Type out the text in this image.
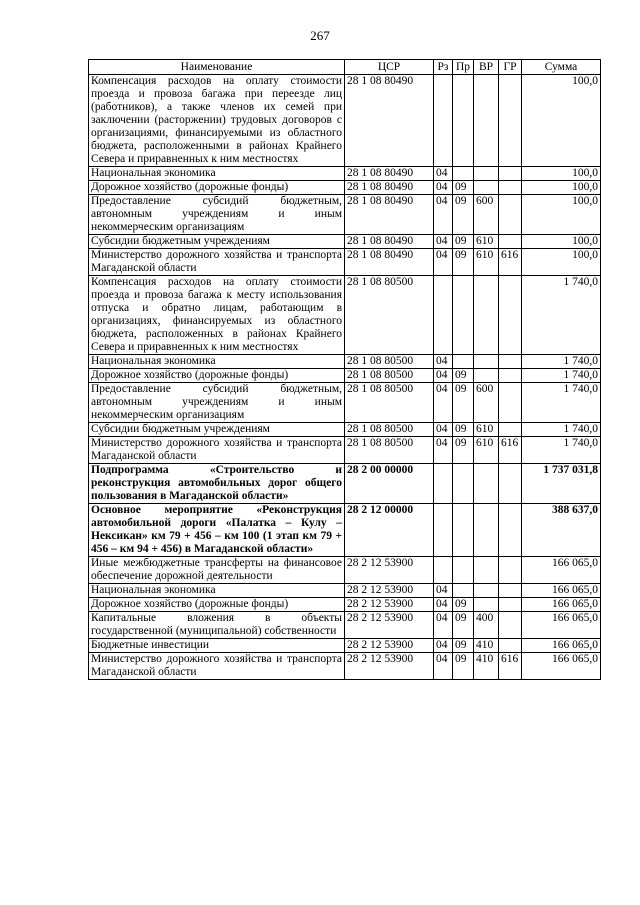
267
Наименование	ЦСР	Рз	Пр	ВР	ГР	Сумма
Компенсация расходов на оплату стоимости проезда и провоза багажа при переезде лиц (работников), а также членов их семей при заключении (расторжении) трудовых договоров с организациями, финансируемыми из областного бюджета, расположенными в районах Крайнего Севера и приравненных к ним местностях	28 1 08 80490					100,0
Национальная экономика	28 1 08 80490	04				100,0
Дорожное хозяйство (дорожные фонды)	28 1 08 80490	04	09			100,0
Предоставление субсидий бюджетным, автономным учреждениям и иным некоммерческим организациям	28 1 08 80490	04	09	600		100,0
Субсидии бюджетным учреждениям	28 1 08 80490	04	09	610		100,0
Министерство дорожного хозяйства и транспорта Магаданской области	28 1 08 80490	04	09	610	616	100,0
Компенсация расходов на оплату стоимости проезда и провоза багажа к месту использования отпуска и обратно лицам, работающим в организациях, финансируемых из областного бюджета, расположенных в районах Крайнего Севера и приравненных к ним местностях	28 1 08 80500					1 740,0
Национальная экономика	28 1 08 80500	04				1 740,0
Дорожное хозяйство (дорожные фонды)	28 1 08 80500	04	09			1 740,0
Предоставление субсидий бюджетным, автономным учреждениям и иным некоммерческим организациям	28 1 08 80500	04	09	600		1 740,0
Субсидии бюджетным учреждениям	28 1 08 80500	04	09	610		1 740,0
Министерство дорожного хозяйства и транспорта Магаданской области	28 1 08 80500	04	09	610	616	1 740,0
Подпрограмма «Строительство и реконструкция автомобильных дорог общего пользования в Магаданской области»	28 2 00 00000					1 737 031,8
Основное мероприятие «Реконструкция автомобильной дороги «Палатка – Кулу – Нексикан» км 79 + 456 – км 100 (1 этап км 79 + 456 – км 94 + 456) в Магаданской области»	28 2 12 00000					388 637,0
Иные межбюджетные трансферты на финансовое обеспечение дорожной деятельности	28 2 12 53900					166 065,0
Национальная экономика	28 2 12 53900	04				166 065,0
Дорожное хозяйство (дорожные фонды)	28 2 12 53900	04	09			166 065,0
Капитальные вложения в объекты государственной (муниципальной) собственности	28 2 12 53900	04	09	400		166 065,0
Бюджетные инвестиции	28 2 12 53900	04	09	410		166 065,0
Министерство дорожного хозяйства и транспорта Магаданской области	28 2 12 53900	04	09	410	616	166 065,0
